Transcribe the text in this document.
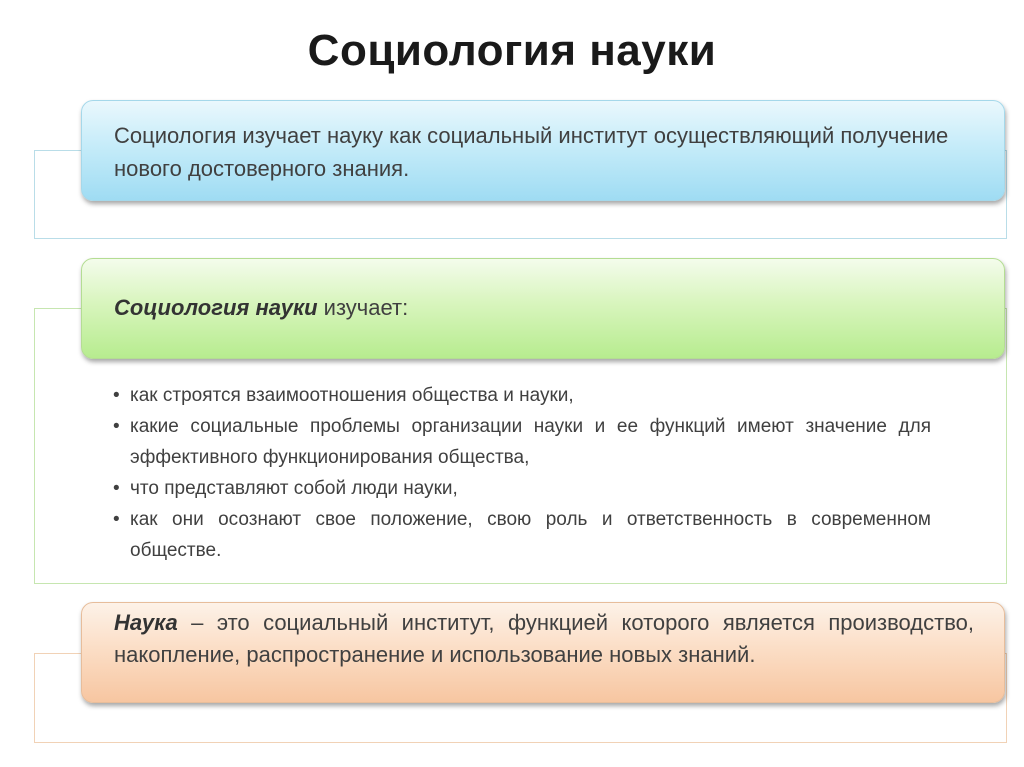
Социология науки
Социология изучает науку как социальный институт осуществляющий получение нового достоверного знания.
Социология науки изучает:
• как строятся взаимоотношения общества и науки,
• какие социальные проблемы организации науки и ее функций имеют значение для эффективного функционирования общества,
• что представляют собой люди науки,
• как они осознают свое положение, свою роль и ответственность в современном обществе.
Наука – это социальный институт, функцией которого является производство, накопление, распространение и использование новых знаний.
